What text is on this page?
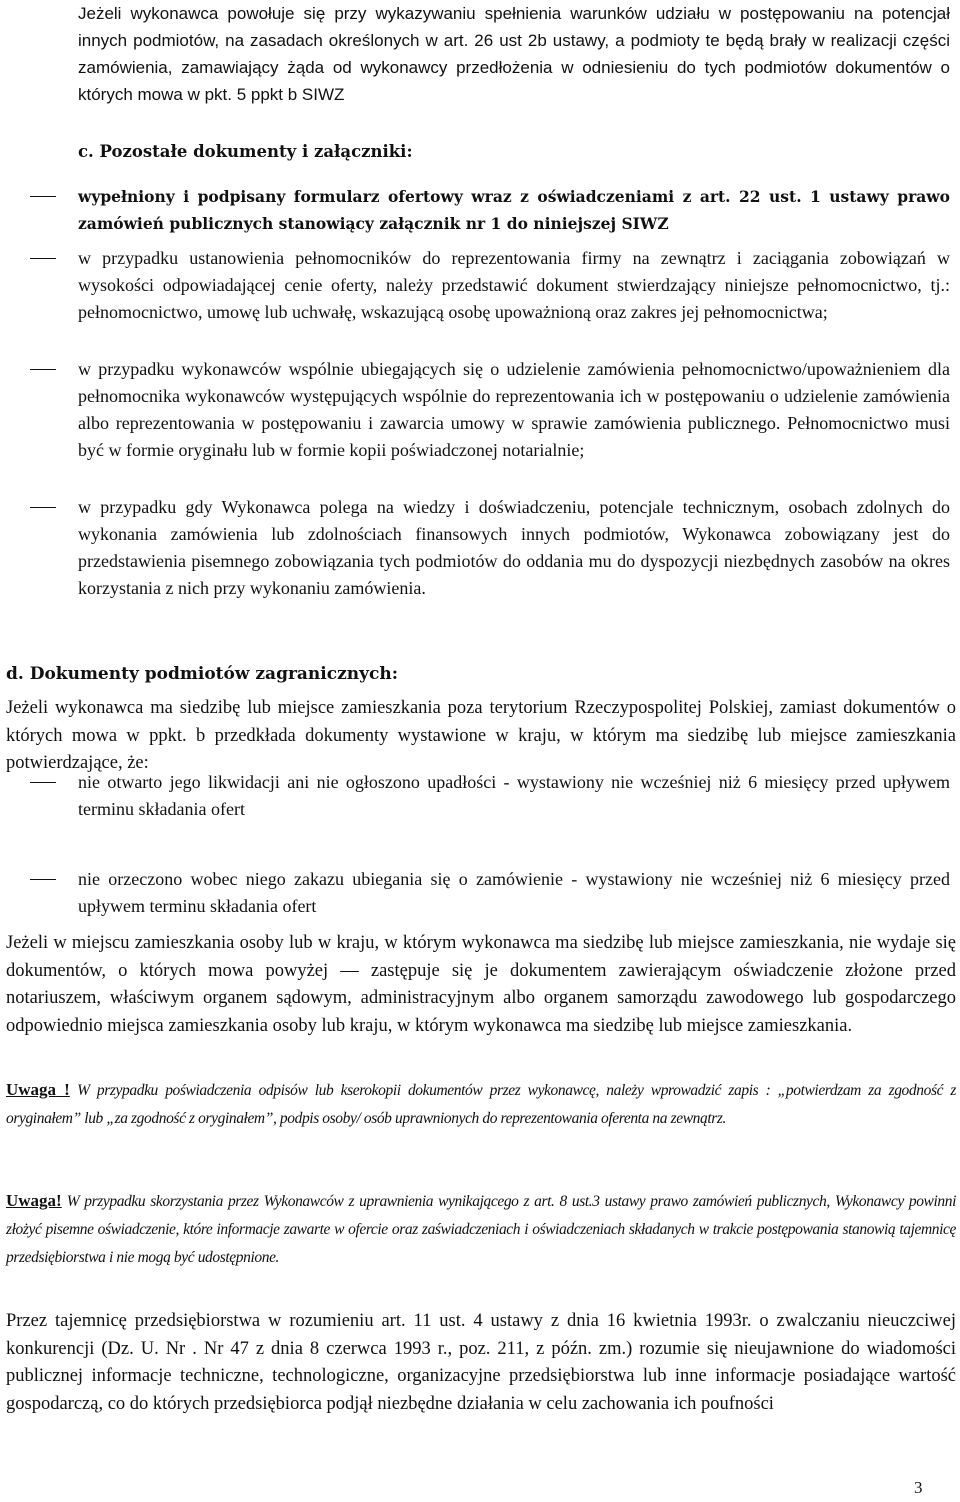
Jeżeli wykonawca powołuje się przy wykazywaniu spełnienia warunków udziału w postępowaniu na potencjał innych podmiotów, na zasadach określonych w art. 26 ust 2b ustawy, a podmioty te będą brały w realizacji części zamówienia, zamawiający żąda od wykonawcy przedłożenia w odniesieniu do tych podmiotów dokumentów o których mowa w pkt. 5 ppkt b SIWZ
c. Pozostałe dokumenty i załączniki:
wypełniony i podpisany formularz ofertowy wraz z oświadczeniami z art. 22 ust. 1 ustawy prawo zamówień publicznych stanowiący załącznik nr 1 do niniejszej SIWZ
w przypadku ustanowienia pełnomocników do reprezentowania firmy na zewnątrz i zaciągania zobowiązań w wysokości odpowiadającej cenie oferty, należy przedstawić dokument stwierdzający niniejsze pełnomocnictwo, tj.: pełnomocnictwo, umowę lub uchwałę, wskazującą osobę upoważnioną oraz zakres jej pełnomocnictwa;
w przypadku wykonawców wspólnie ubiegających się o udzielenie zamówienia pełnomocnictwo/upoważnieniem dla pełnomocnika wykonawców występujących wspólnie do reprezentowania ich w postępowaniu o udzielenie zamówienia albo reprezentowania w postępowaniu i zawarcia umowy w sprawie zamówienia publicznego. Pełnomocnictwo musi być w formie oryginału lub w formie kopii poświadczonej notarialnie;
w przypadku gdy Wykonawca polega na wiedzy i doświadczeniu, potencjale technicznym, osobach zdolnych do wykonania zamówienia lub zdolnościach finansowych innych podmiotów, Wykonawca zobowiązany jest do przedstawienia pisemnego zobowiązania tych podmiotów do oddania mu do dyspozycji niezbędnych zasobów na okres korzystania z nich przy wykonaniu zamówienia.
d. Dokumenty podmiotów zagranicznych:
Jeżeli wykonawca ma siedzibę lub miejsce zamieszkania poza terytorium Rzeczypospolitej Polskiej, zamiast dokumentów o których mowa w ppkt. b przedkłada dokumenty wystawione w kraju, w którym ma siedzibę lub miejsce zamieszkania potwierdzające, że:
nie otwarto jego likwidacji ani nie ogłoszono upadłości - wystawiony nie wcześniej niż 6 miesięcy przed upływem terminu składania ofert
nie orzeczono wobec niego zakazu ubiegania się o zamówienie - wystawiony nie wcześniej niż 6 miesięcy przed upływem terminu składania ofert
Jeżeli w miejscu zamieszkania osoby lub w kraju, w którym wykonawca ma siedzibę lub miejsce zamieszkania, nie wydaje się dokumentów, o których mowa powyżej — zastępuje się je dokumentem zawierającym oświadczenie złożone przed notariuszem, właściwym organem sądowym, administracyjnym albo organem samorządu zawodowego lub gospodarczego odpowiednio miejsca zamieszkania osoby lub kraju, w którym wykonawca ma siedzibę lub miejsce zamieszkania.
Uwaga ! W przypadku poświadczenia odpisów lub kserokopii dokumentów przez wykonawcę, należy wprowadzić zapis : „potwierdzam za zgodność z oryginałem” lub „za zgodność z oryginałem”, podpis osoby/ osób uprawnionych do reprezentowania oferenta na zewnątrz.
Uwaga! W przypadku skorzystania przez Wykonawców z uprawnienia wynikającego z art. 8 ust.3 ustawy prawo zamówień publicznych, Wykonawcy powinni złożyć pisemne oświadczenie, które informacje zawarte w ofercie oraz zaświadczeniach i oświadczeniach składanych w trakcie postępowania stanowią tajemnicę przedsiębiorstwa i nie mogą być udostępnione.
Przez tajemnicę przedsiębiorstwa w rozumieniu art. 11 ust. 4 ustawy z dnia 16 kwietnia 1993r. o zwalczaniu nieuczciwej konkurencji (Dz. U. Nr . Nr 47 z dnia 8 czerwca 1993 r., poz. 211, z późn. zm.) rozumie się nieujawnione do wiadomości publicznej informacje techniczne, technologiczne, organizacyjne przedsiębiorstwa lub inne informacje posiadające wartość gospodarczą, co do których przedsiębiorca podjął niezbędne działania w celu zachowania ich poufności
3
